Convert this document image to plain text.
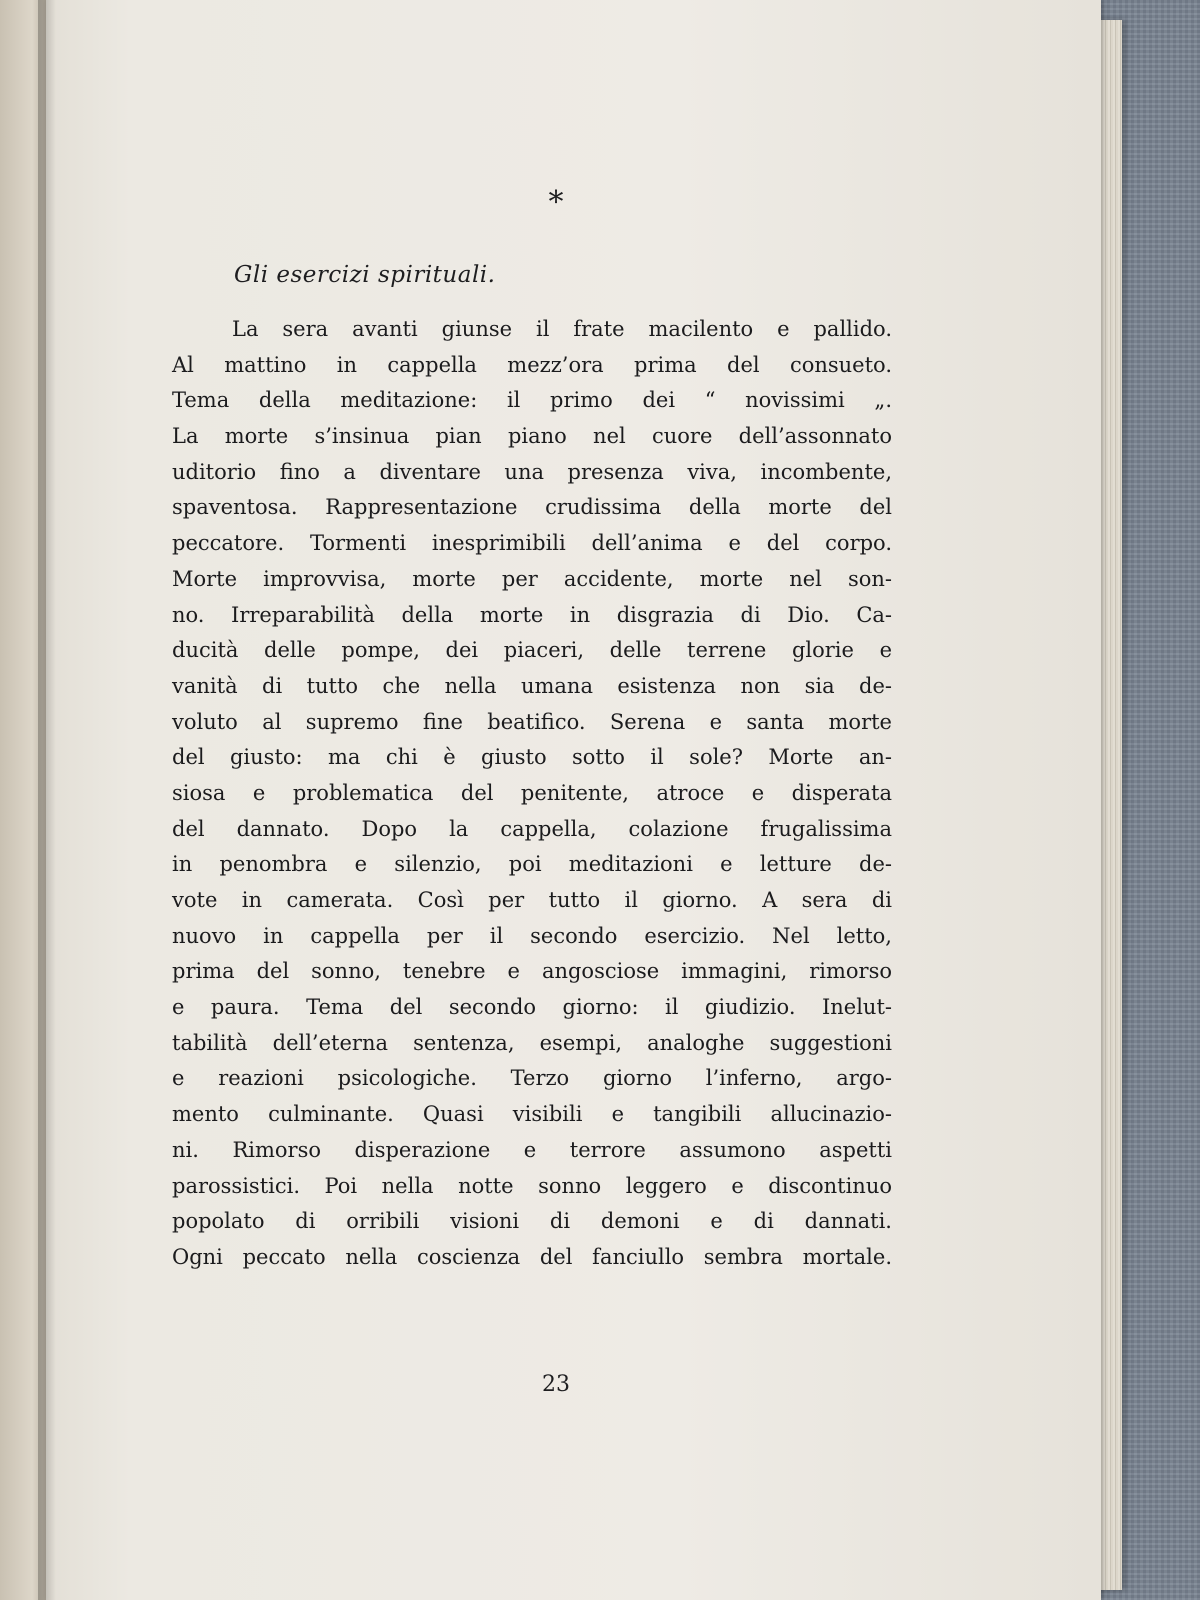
*
Gli esercizi spirituali.
La sera avanti giunse il frate macilento e pallido.
Al mattino in cappella mezz’ora prima del consueto.
Tema della meditazione: il primo dei “ novissimi „.
La morte s’insinua pian piano nel cuore dell’assonnato
uditorio fino a diventare una presenza viva, incombente,
spaventosa. Rappresentazione crudissima della morte del
peccatore. Tormenti inesprimibili dell’anima e del corpo.
Morte improvvisa, morte per accidente, morte nel son-
no. Irreparabilità della morte in disgrazia di Dio. Ca-
ducità delle pompe, dei piaceri, delle terrene glorie e
vanità di tutto che nella umana esistenza non sia de-
voluto al supremo fine beatifico. Serena e santa morte
del giusto: ma chi è giusto sotto il sole? Morte an-
siosa e problematica del penitente, atroce e disperata
del dannato. Dopo la cappella, colazione frugalissima
in penombra e silenzio, poi meditazioni e letture de-
vote in camerata. Così per tutto il giorno. A sera di
nuovo in cappella per il secondo esercizio. Nel letto,
prima del sonno, tenebre e angosciose immagini, rimorso
e paura. Tema del secondo giorno: il giudizio. Inelut-
tabilità dell’eterna sentenza, esempi, analoghe suggestioni
e reazioni psicologiche. Terzo giorno l’inferno, argo-
mento culminante. Quasi visibili e tangibili allucinazio-
ni. Rimorso disperazione e terrore assumono aspetti
parossistici. Poi nella notte sonno leggero e discontinuo
popolato di orribili visioni di demoni e di dannati.
Ogni peccato nella coscienza del fanciullo sembra mortale.
23
